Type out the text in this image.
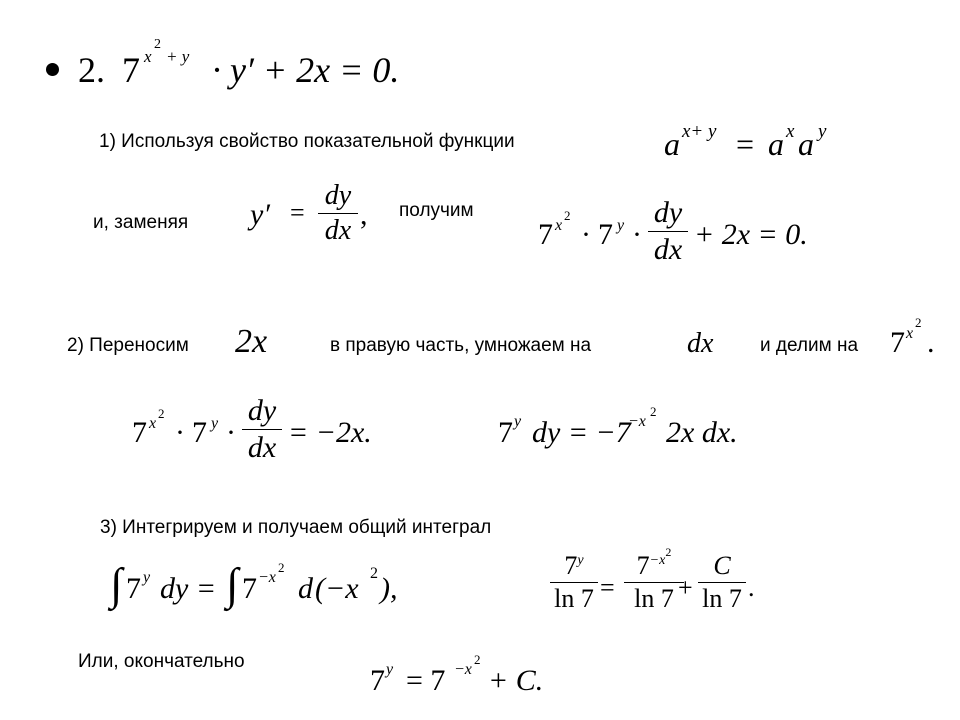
2. 7 x
2
+ y · y′ + 2x = 0.
1) Используя свойство показательной функции	a x+ y = a x a y
и, заменяя y′ =
dy
dx , получим
7 x
2
· 7 y ·
dy
dx + 2x = 0.
2) Переносим 2x	в правую часть, умножаем на	dx и делим на 7 x
2
.
7 x
2
· 7 y ·
dy
dx = −2x.	7 y dy = −7
−x
2
2x dx.
3) Интегрируем и получаем общий интеграл
∫ 7 y dy = ∫ 7 −x
2
d (−x 2 ),
7$^y$
ln 7 =
$7^{-x2}$
ln 7 +
C
ln 7 .
Или, окончательно
7 y = 7 −x
2
+ C.
